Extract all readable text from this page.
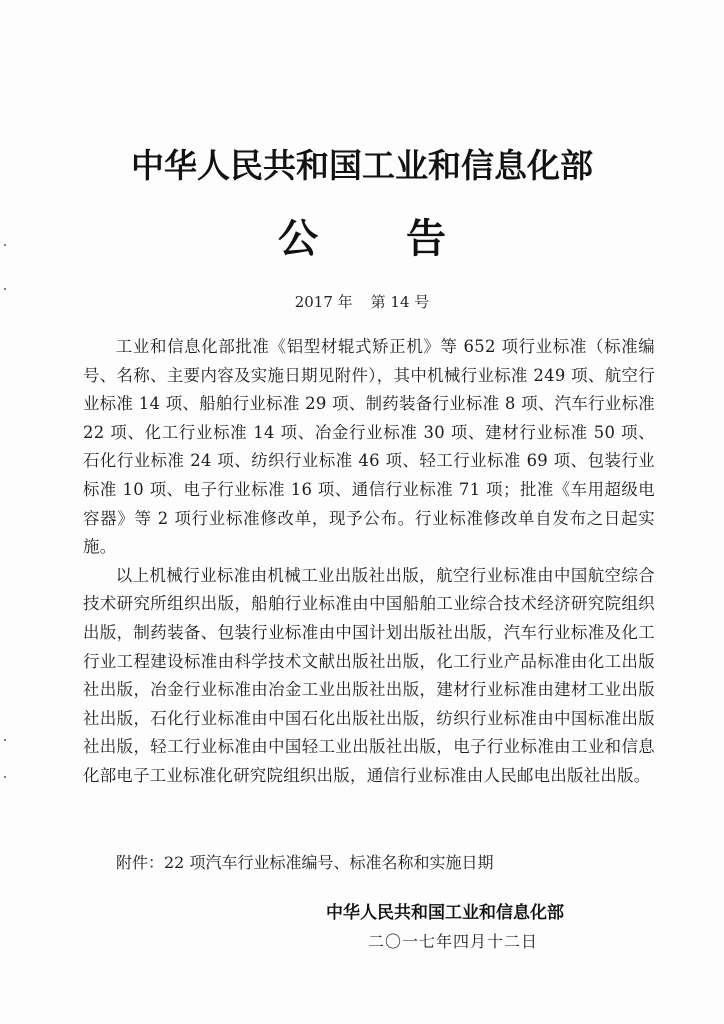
中华人民共和国工业和信息化部
公告
2017 年 第 14 号

工业和信息化部批准《铝型材辊式矫正机》等 652 项行业标准（标准编号、名称、主要内容及实施日期见附件），其中机械行业标准 249 项、航空行业标准 14 项、船舶行业标准 29 项、制药装备行业标准 8 项、汽车行业标准 22 项、化工行业标准 14 项、冶金行业标准 30 项、建材行业标准 50 项、石化行业标准 24 项、纺织行业标准 46 项、轻工行业标准 69 项、包装行业标准 10 项、电子行业标准 16 项、通信行业标准 71 项；批准《车用超级电容器》等 2 项行业标准修改单，现予公布。行业标准修改单自发布之日起实施。

以上机械行业标准由机械工业出版社出版，航空行业标准由中国航空综合技术研究所组织出版，船舶行业标准由中国船舶工业综合技术经济研究院组织出版，制药装备、包装行业标准由中国计划出版社出版，汽车行业标准及化工行业工程建设标准由科学技术文献出版社出版，化工行业产品标准由化工出版社出版，冶金行业标准由冶金工业出版社出版，建材行业标准由建材工业出版社出版，石化行业标准由中国石化出版社出版，纺织行业标准由中国标准出版社出版，轻工行业标准由中国轻工业出版社出版，电子行业标准由工业和信息化部电子工业标准化研究院组织出版，通信行业标准由人民邮电出版社出版。

附件：22 项汽车行业标准编号、标准名称和实施日期
中华人民共和国工业和信息化部
二〇一七年四月十二日
